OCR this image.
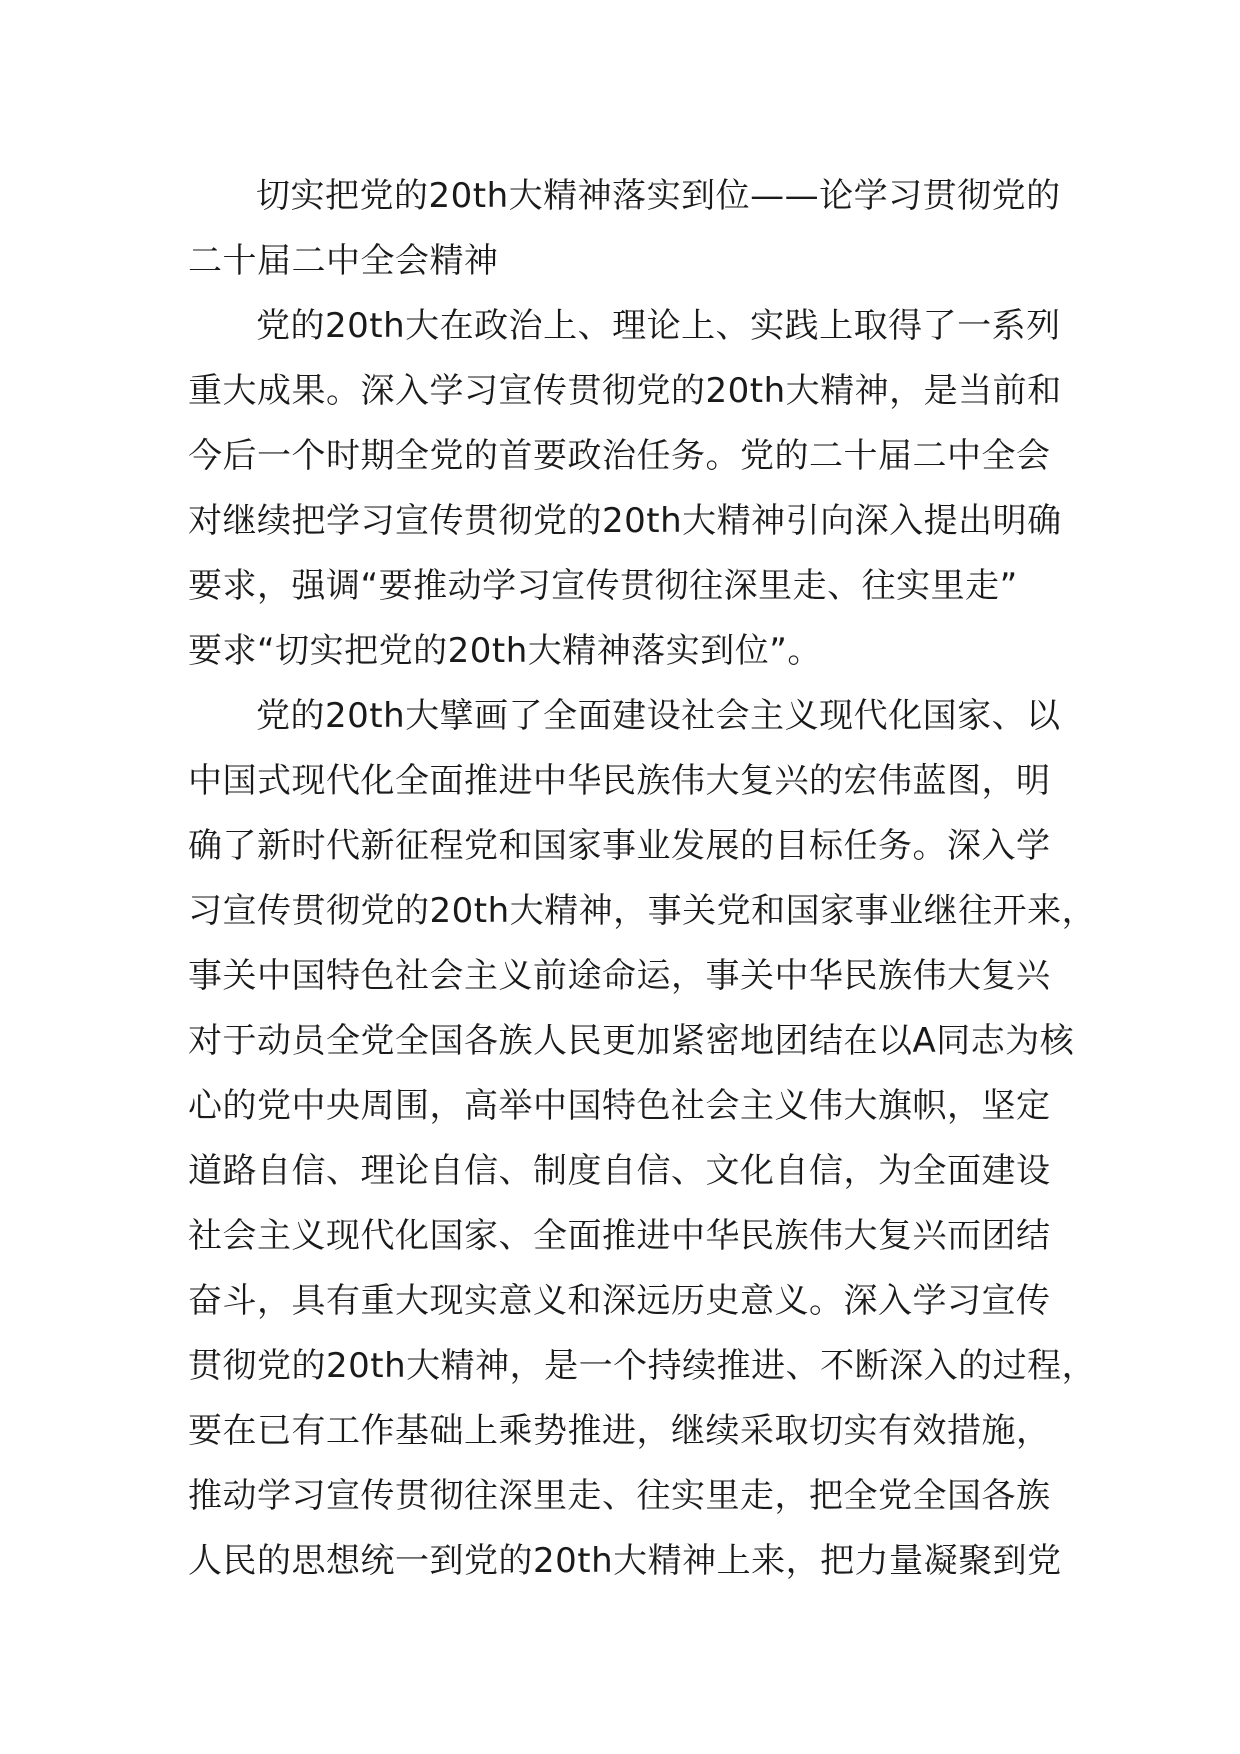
切实把党的20th大精神落实到位——论学习贯彻党的
二十届二中全会精神
党的20th大在政治上、理论上、实践上取得了一系列
重大成果。深入学习宣传贯彻党的20th大精神，是当前和
今后一个时期全党的首要政治任务。党的二十届二中全会
对继续把学习宣传贯彻党的20th大精神引向深入提出明确
要求，强调“要推动学习宣传贯彻往深里走、往实里走”
要求“切实把党的20th大精神落实到位”。
党的20th大擘画了全面建设社会主义现代化国家、以
中国式现代化全面推进中华民族伟大复兴的宏伟蓝图，明
确了新时代新征程党和国家事业发展的目标任务。深入学
习宣传贯彻党的20th大精神，事关党和国家事业继往开来，
事关中国特色社会主义前途命运，事关中华民族伟大复兴
对于动员全党全国各族人民更加紧密地团结在以A同志为核
心的党中央周围，高举中国特色社会主义伟大旗帜，坚定
道路自信、理论自信、制度自信、文化自信，为全面建设
社会主义现代化国家、全面推进中华民族伟大复兴而团结
奋斗，具有重大现实意义和深远历史意义。深入学习宣传
贯彻党的20th大精神，是一个持续推进、不断深入的过程，
要在已有工作基础上乘势推进，继续采取切实有效措施，
推动学习宣传贯彻往深里走、往实里走，把全党全国各族
人民的思想统一到党的20th大精神上来，把力量凝聚到党
